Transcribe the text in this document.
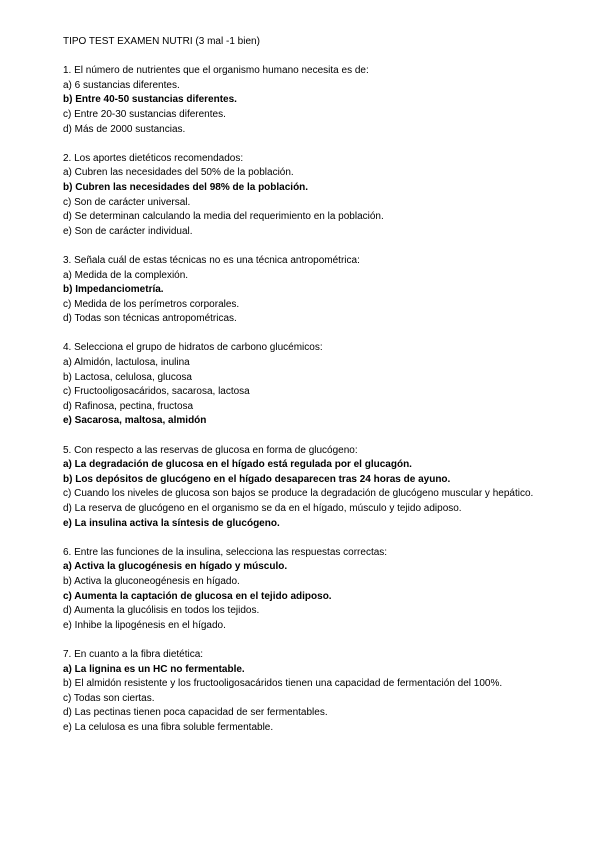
TIPO TEST EXAMEN NUTRI (3 mal -1 bien)

1. El número de nutrientes que el organismo humano necesita es de:

a) 6 sustancias diferentes.

b) Entre 40-50 sustancias diferentes.

c) Entre 20-30 sustancias diferentes.

d) Más de 2000 sustancias.

2. Los aportes dietéticos recomendados:

a) Cubren las necesidades del 50% de la población.

b) Cubren las necesidades del 98% de la población.

c) Son de carácter universal.

d) Se determinan calculando la media del requerimiento en la población.

e) Son de carácter individual.

3. Señala cuál de estas técnicas no es una técnica antropométrica:

a) Medida de la complexión.

b) Impedanciometría.

c) Medida de los perímetros corporales.

d) Todas son técnicas antropométricas.

4. Selecciona el grupo de hidratos de carbono glucémicos:

a) Almidón, lactulosa, inulina

b) Lactosa, celulosa, glucosa

c) Fructooligosacáridos, sacarosa, lactosa

d) Rafinosa, pectina, fructosa

e) Sacarosa, maltosa, almidón

5. Con respecto a las reservas de glucosa en forma de glucógeno:

a) La degradación de glucosa en el hígado está regulada por el glucagón.

b) Los depósitos de glucógeno en el hígado desaparecen tras 24 horas de ayuno.

c) Cuando los niveles de glucosa son bajos se produce la degradación de glucógeno muscular y hepático.

d) La reserva de glucógeno en el organismo se da en el hígado, músculo y tejido adiposo.

e) La insulina activa la síntesis de glucógeno.

6. Entre las funciones de la insulina, selecciona las respuestas correctas:

a) Activa la glucogénesis en hígado y músculo.

b) Activa la gluconeogénesis en hígado.

c) Aumenta la captación de glucosa en el tejido adiposo.

d) Aumenta la glucólisis en todos los tejidos.

e) Inhibe la lipogénesis en el hígado.

7. En cuanto a la fibra dietética:

a) La lignina es un HC no fermentable.

b) El almidón resistente y los fructooligosacáridos tienen una capacidad de fermentación del 100%.

c) Todas son ciertas.

d) Las pectinas tienen poca capacidad de ser fermentables.

e) La celulosa es una fibra soluble fermentable.
